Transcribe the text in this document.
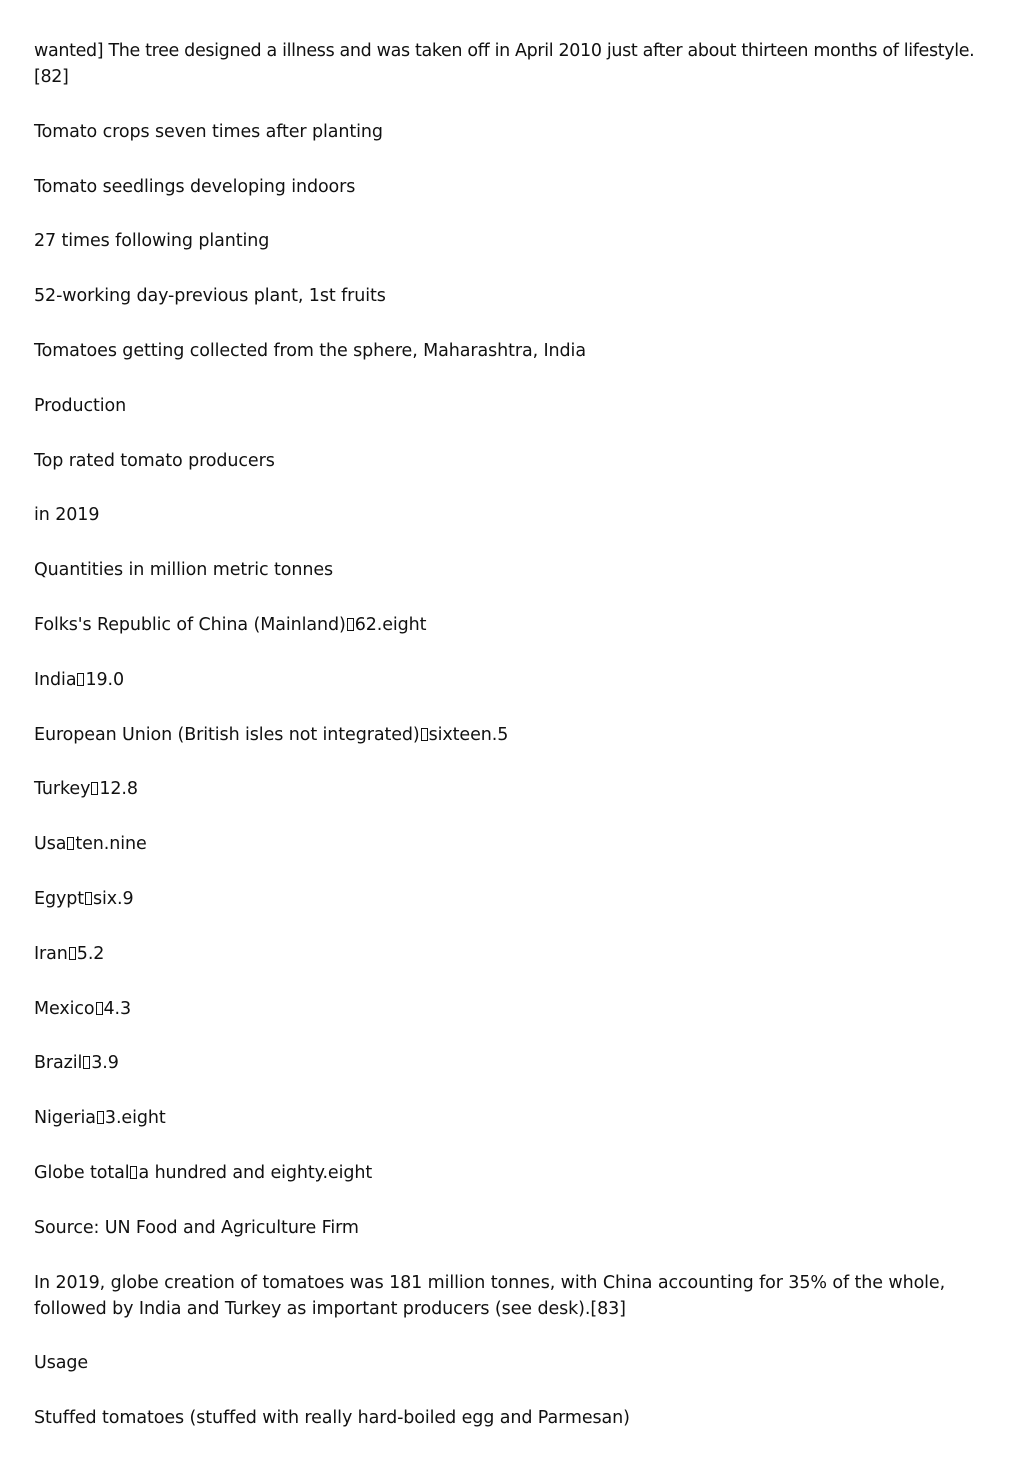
wanted] The tree designed a illness and was taken off in April 2010 just after about thirteen months of lifestyle.[82]

Tomato crops seven times after planting

Tomato seedlings developing indoors

27 times following planting

52-working day-previous plant, 1st fruits

Tomatoes getting collected from the sphere, Maharashtra, India

Production

Top rated tomato producers

in 2019

Quantities in million metric tonnes

Folks's Republic of China (Mainland) 62.eight

India 19.0

European Union (British isles not integrated) sixteen.5

Turkey 12.8

Usa ten.nine

Egypt six.9

Iran 5.2

Mexico 4.3

Brazil 3.9

Nigeria 3.eight

Globe total a hundred and eighty.eight

Source: UN Food and Agriculture Firm

In 2019, globe creation of tomatoes was 181 million tonnes, with China accounting for 35% of the whole, followed by India and Turkey as important producers (see desk).[83]

Usage

Stuffed tomatoes (stuffed with really hard-boiled egg and Parmesan)
